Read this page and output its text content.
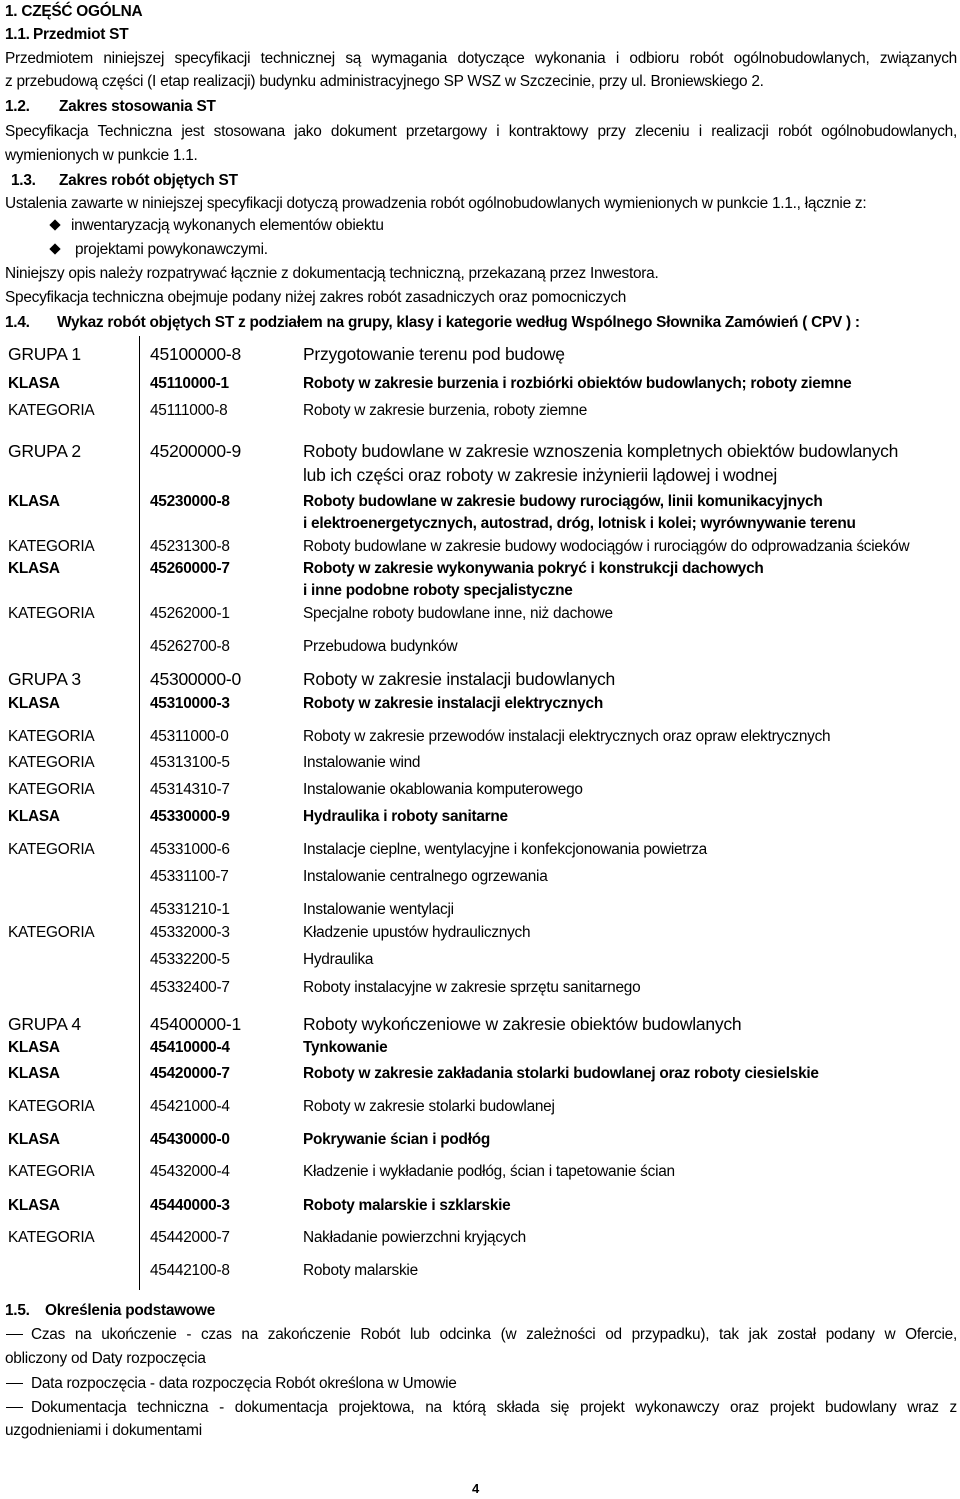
1. CZĘŚĆ OGÓLNA
1.1. Przedmiot ST
Przedmiotem niniejszej specyfikacji technicznej są wymagania dotyczące wykonania i odbioru robót ogólnobudowlanych, związanych
z przebudową części (I etap realizacji) budynku administracyjnego SP WSZ w Szczecinie, przy ul. Broniewskiego 2.
1.2. Zakres stosowania ST
Specyfikacja Techniczna jest stosowana jako dokument przetargowy i kontraktowy przy zleceniu i realizacji robót ogólnobudowlanych,
wymienionych w punkcie 1.1.
1.3. Zakres robót objętych ST
Ustalenia zawarte w niniejszej specyfikacji dotyczą prowadzenia robót ogólnobudowlanych wymienionych w punkcie 1.1., łącznie z:
inwentaryzacją wykonanych elementów obiektu
projektami powykonawczymi.
Niniejszy opis należy rozpatrywać łącznie z dokumentacją techniczną, przekazaną przez Inwestora.
Specyfikacja techniczna obejmuje podany niżej zakres robót zasadniczych oraz pomocniczych
1.4. Wykaz robót objętych ST z podziałem na grupy, klasy i kategorie według Wspólnego Słownika Zamówień ( CPV ) :
GRUPA 1	45100000-8	Przygotowanie terenu pod budowę
KLASA	45110000-1	Roboty w zakresie burzenia i rozbiórki obiektów budowlanych; roboty ziemne
KATEGORIA	45111000-8	Roboty w zakresie burzenia, roboty ziemne
GRUPA 2	45200000-9	Roboty budowlane w zakresie wznoszenia kompletnych obiektów budowlanych
lub ich części oraz roboty w zakresie inżynierii lądowej i wodnej
KLASA	45230000-8	Roboty budowlane w zakresie budowy rurociągów, linii komunikacyjnych
i elektroenergetycznych, autostrad, dróg, lotnisk i kolei; wyrównywanie terenu
KATEGORIA	45231300-8	Roboty budowlane w zakresie budowy wodociągów i rurociągów do odprowadzania ścieków
KLASA	45260000-7	Roboty w zakresie wykonywania pokryć i konstrukcji dachowych
i inne podobne roboty specjalistyczne
KATEGORIA	45262000-1	Specjalne roboty budowlane inne, niż dachowe
45262700-8	Przebudowa budynków
GRUPA 3	45300000-0	Roboty w zakresie instalacji budowlanych
KLASA	45310000-3	Roboty w zakresie instalacji elektrycznych
KATEGORIA	45311000-0	Roboty w zakresie przewodów instalacji elektrycznych oraz opraw elektrycznych
KATEGORIA	45313100-5	Instalowanie wind
KATEGORIA	45314310-7	Instalowanie okablowania komputerowego
KLASA	45330000-9	Hydraulika i roboty sanitarne
KATEGORIA	45331000-6	Instalacje cieplne, wentylacyjne i konfekcjonowania powietrza
45331100-7	Instalowanie centralnego ogrzewania
45331210-1	Instalowanie wentylacji
KATEGORIA	45332000-3	Kładzenie upustów hydraulicznych
45332200-5	Hydraulika
45332400-7	Roboty instalacyjne w zakresie sprzętu sanitarnego
GRUPA 4	45400000-1	Roboty wykończeniowe w zakresie obiektów budowlanych
KLASA	45410000-4	Tynkowanie
KLASA	45420000-7	Roboty w zakresie zakładania stolarki budowlanej oraz roboty ciesielskie
KATEGORIA	45421000-4	Roboty w zakresie stolarki budowlanej
KLASA	45430000-0	Pokrywanie ścian i podłóg
KATEGORIA	45432000-4	Kładzenie i wykładanie podłóg, ścian i tapetowanie ścian
KLASA	45440000-3	Roboty malarskie i szklarskie
KATEGORIA	45442000-7	Nakładanie powierzchni kryjących
45442100-8	Roboty malarskie
1.5. Określenia podstawowe
Czas na ukończenie - czas na zakończenie Robót lub odcinka (w zależności od przypadku), tak jak został podany w Ofercie,
obliczony od Daty rozpoczęcia
Data rozpoczęcia - data rozpoczęcia Robót określona w Umowie
Dokumentacja techniczna - dokumentacja projektowa, na którą składa się projekt wykonawczy oraz projekt budowlany wraz z
uzgodnieniami i dokumentami
4
